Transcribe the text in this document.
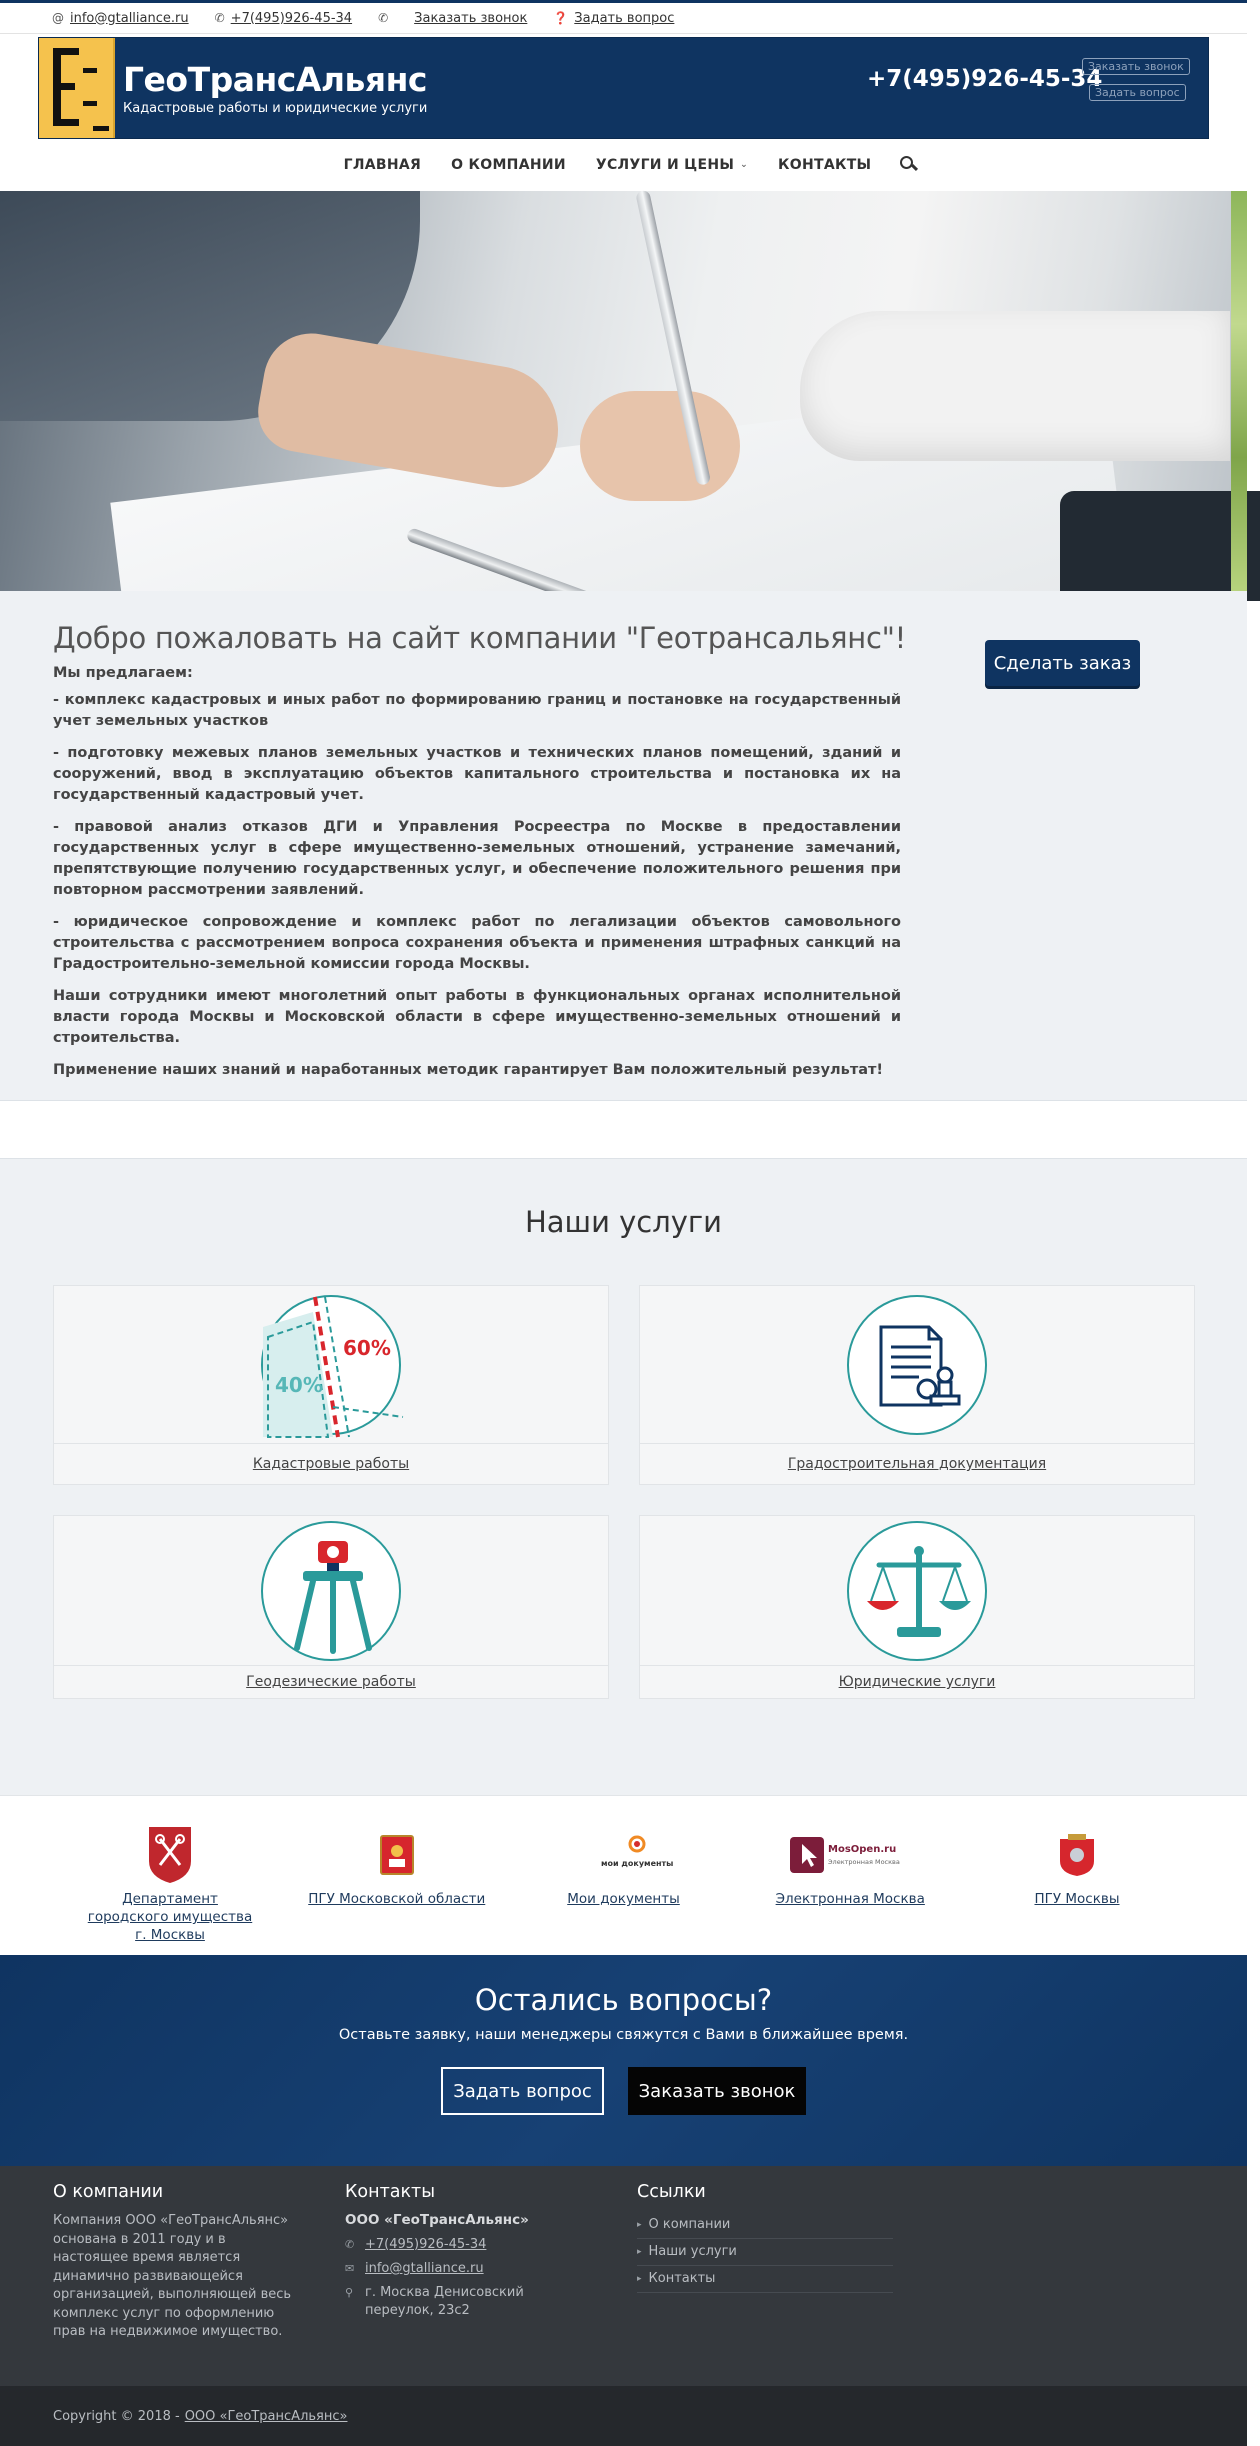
@ info@gtalliance.ru ✆ +7(495)926-45-34 ✆ Заказать звонок ❓ Задать вопрос
ГеоТрансАльянс
Кадастровые работы и юридические услуги
+7(495)926-45-34
Заказать звонок
Задать вопрос
ГЛАВНАЯ О КОМПАНИИ УСЛУГИ И ЦЕНЫ ⌄ КОНТАКТЫ
Добро пожаловать на сайт компании "Геотрансальянс"!

Мы предлагаем:

- комплекс кадастровых и иных работ по формированию границ и постановке на государственный учет земельных участков

- подготовку межевых планов земельных участков и технических планов помещений, зданий и сооружений, ввод в эксплуатацию объектов капитального строительства и постановка их на государственный кадастровый учет.

- правовой анализ отказов ДГИ и Управления Росреестра по Москве в предоставлении государственных услуг в сфере имущественно-земельных отношений, устранение замечаний, препятствующие получению государственных услуг, и обеспечение положительного решения при повторном рассмотрении заявлений.

- юридическое сопровождение и комплекс работ по легализации объектов самовольного строительства с рассмотрением вопроса сохранения объекта и применения штрафных санкций на Градостроительно-земельной комиссии города Москвы.

Наши сотрудники имеют многолетний опыт работы в функциональных органах исполнительной власти города Москвы и Московской области в сфере имущественно-земельных отношений и строительства.

Применение наших знаний и наработанных методик гарантирует Вам положительный результат!

Сделать заказ
Наши услуги
40%
60%
Кадастровые работы	Градостроительная документация
Геодезические работы	Юридические услуги
Департамент городского имущества г. Москвы
ПГУ Московской области
мои документы
Мои документы
MosOpen.ru
Электронная Москва
Электронная Москва	ПГУ Москвы
Остались вопросы?
Оставьте заявку, наши менеджеры свяжутся с Вами в ближайшее время.
Задать вопрос	Заказать звонок
О компании
Компания ООО «ГеоТрансАльянс» основана в 2011 году и в настоящее время является динамично развивающейся организацией, выполняющей весь комплекс услуг по оформлению прав на недвижимое имущество.
Контакты
ООО «ГеоТрансАльянс»
✆ +7(495)926-45-34
✉ info@gtalliance.ru
⚲ г. Москва Денисовский переулок, 23с2
Ссылки
▸ О компании
▸ Наши услуги
▸ Контакты
Copyright © 2018 - ООО «ГеоТрансАльянс»
